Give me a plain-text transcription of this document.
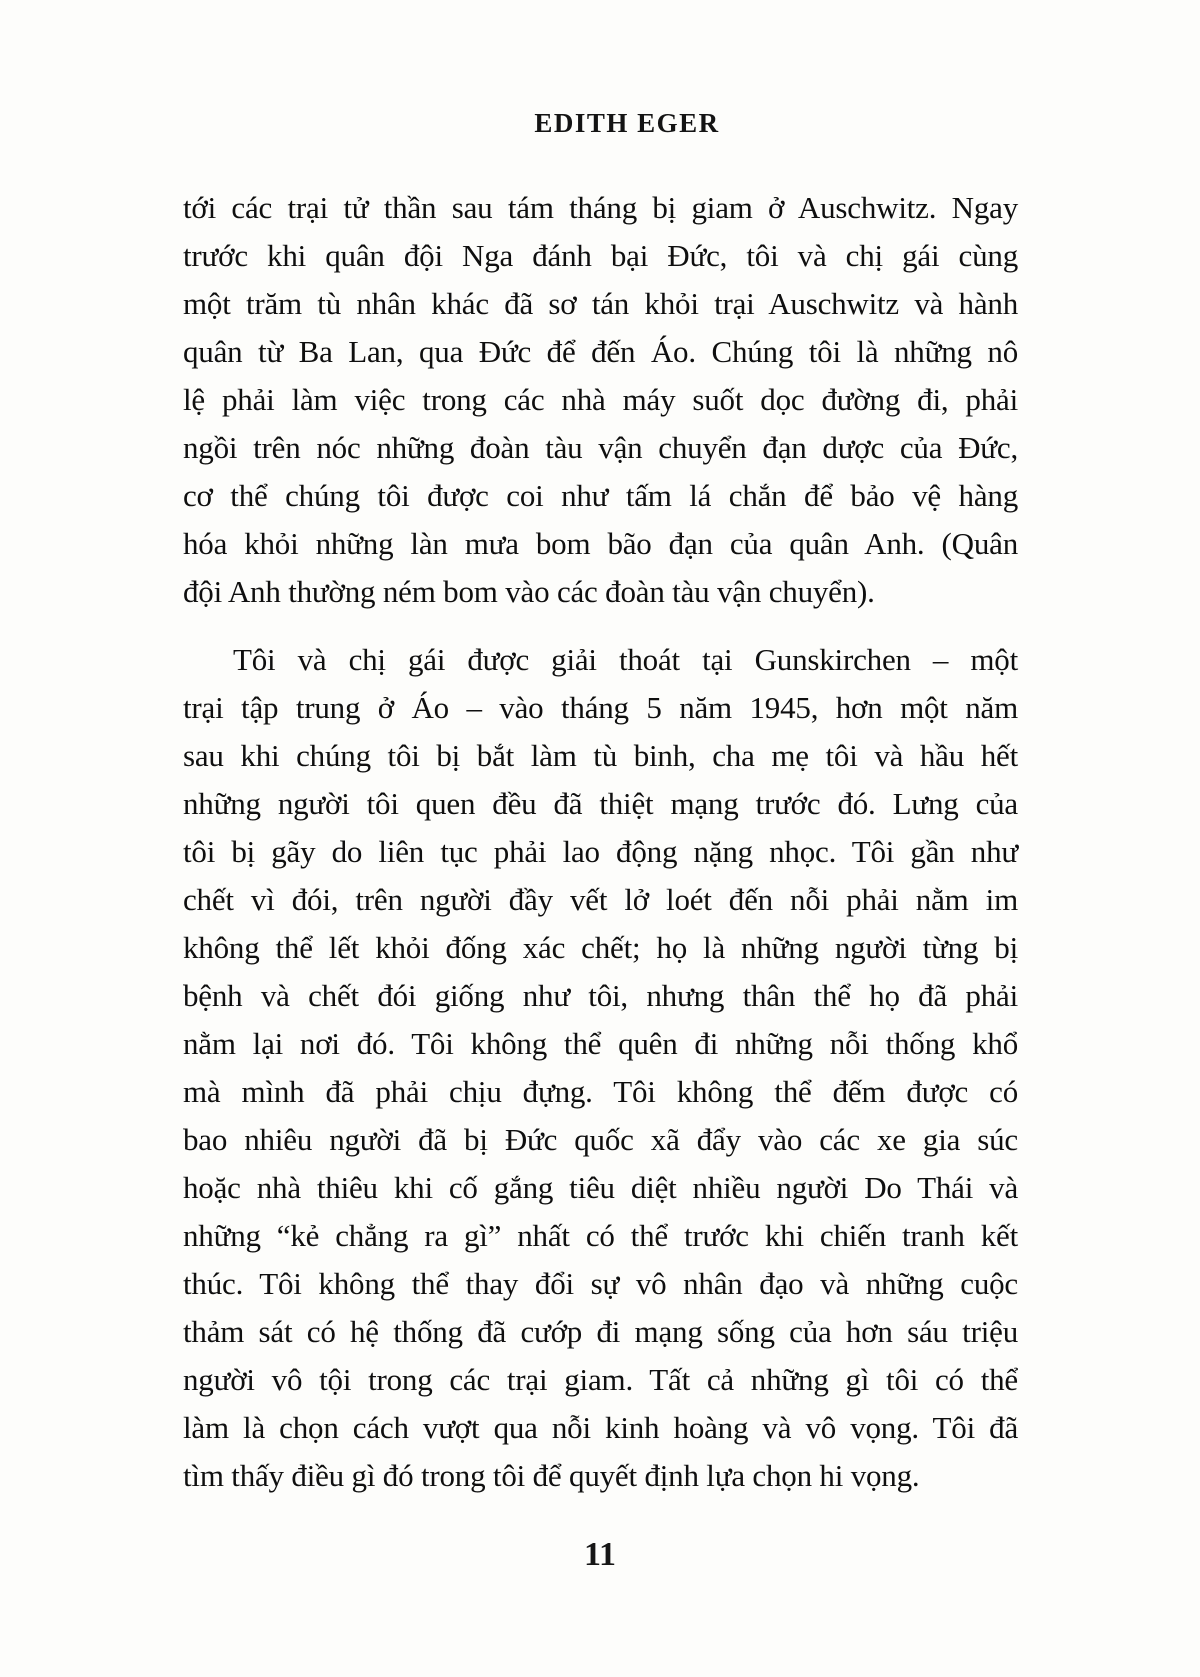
EDITH EGER
tới các trại tử thần sau tám tháng bị giam ở Auschwitz. Ngay
trước khi quân đội Nga đánh bại Đức, tôi và chị gái cùng
một trăm tù nhân khác đã sơ tán khỏi trại Auschwitz và hành
quân từ Ba Lan, qua Đức để đến Áo. Chúng tôi là những nô
lệ phải làm việc trong các nhà máy suốt dọc đường đi, phải
ngồi trên nóc những đoàn tàu vận chuyển đạn dược của Đức,
cơ thể chúng tôi được coi như tấm lá chắn để bảo vệ hàng
hóa khỏi những làn mưa bom bão đạn của quân Anh. (Quân
đội Anh thường ném bom vào các đoàn tàu vận chuyển).
Tôi và chị gái được giải thoát tại Gunskirchen – một
trại tập trung ở Áo – vào tháng 5 năm 1945, hơn một năm
sau khi chúng tôi bị bắt làm tù binh, cha mẹ tôi và hầu hết
những người tôi quen đều đã thiệt mạng trước đó. Lưng của
tôi bị gãy do liên tục phải lao động nặng nhọc. Tôi gần như
chết vì đói, trên người đầy vết lở loét đến nỗi phải nằm im
không thể lết khỏi đống xác chết; họ là những người từng bị
bệnh và chết đói giống như tôi, nhưng thân thể họ đã phải
nằm lại nơi đó. Tôi không thể quên đi những nỗi thống khổ
mà mình đã phải chịu đựng. Tôi không thể đếm được có
bao nhiêu người đã bị Đức quốc xã đẩy vào các xe gia súc
hoặc nhà thiêu khi cố gắng tiêu diệt nhiều người Do Thái và
những “kẻ chẳng ra gì” nhất có thể trước khi chiến tranh kết
thúc. Tôi không thể thay đổi sự vô nhân đạo và những cuộc
thảm sát có hệ thống đã cướp đi mạng sống của hơn sáu triệu
người vô tội trong các trại giam. Tất cả những gì tôi có thể
làm là chọn cách vượt qua nỗi kinh hoàng và vô vọng. Tôi đã
tìm thấy điều gì đó trong tôi để quyết định lựa chọn hi vọng.
11
